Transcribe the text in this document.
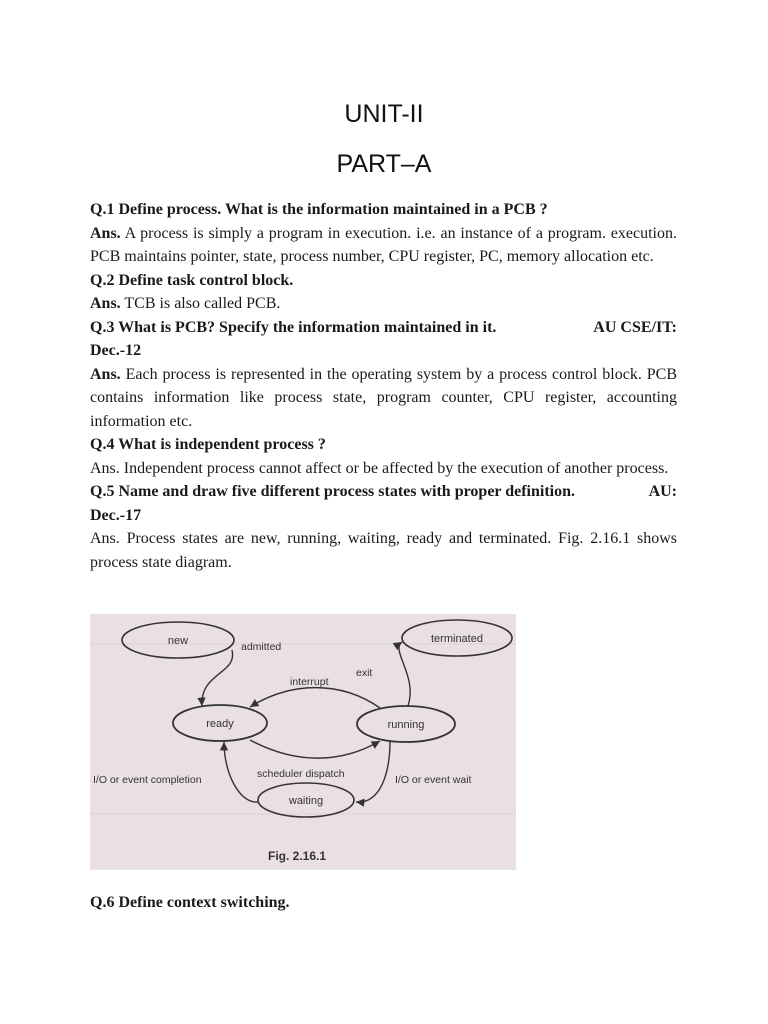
UNIT-II
PART–A

Q.1 Define process. What is the information maintained in a PCB ?

Ans. A process is simply a program in execution. i.e. an instance of a program. execution. PCB maintains pointer, state, process number, CPU register, PC, memory allocation etc.

Q.2 Define task control block.

Ans. TCB is also called PCB.

Q.3 What is PCB? Specify the information maintained in it.	AU CSE/IT:

Dec.-12

Ans. Each process is represented in the operating system by a process control block. PCB contains information like process state, program counter, CPU register, accounting information etc.

Q.4 What is independent process ?

Ans. Independent process cannot affect or be affected by the execution of another process.

Q.5 Name and draw five different process states with proper definition.	AU:

Dec.-17

Ans. Process states are new, running, waiting, ready and terminated. Fig. 2.16.1 shows process state diagram.

new	terminated
ready	running
waiting
admitted
exit
interrupt
scheduler dispatch
I/O or event completion	I/O or event wait
Fig. 2.16.1

Q.6 Define context switching.
